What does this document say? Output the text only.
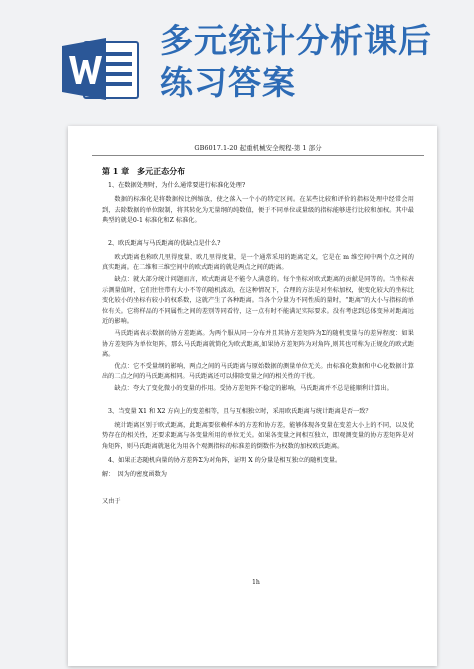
多元统计分析课后
练习答案
GB6017.1-20 起重机械安全规程-第 1 部分
第 1 章　多元正态分布
1、在数据处理时，为什么通常要进行标准化处理?
数据的标准化是将数据按比例缩放，使之落入一个小的特定区间。在某些比较和评价的指标处理中经常会用到，去除数据的单位限制，将其转化为无量纲的纯数值，便于不同单位或量级的指标能够进行比较和加权。其中最典型的就是0-1 标准化和Z 标准化。
2、欧氏距离与马氏距离的优缺点是什么?
欧式距离也称欧几里得度量、欧几里得度量，是一个通常采用的距离定义，它是在 m 维空间中两个点之间的真实距离。在二维和三维空间中的欧式距离的就是两点之间的距离。
缺点：就大部分统计问题而言，欧式距离是不能令人满意的。每个坐标对欧式距离的贡献是同等的。当坐标表示测量值时，它们往往带有大小不等的随机波动，在这种情况下，合理的方法是对坐标加权，使变化较大的坐标比变化较小的坐标有较小的权系数，这就产生了各种距离。当各个分量为不同性质的量时，“距离”的大小与指标的单位有关。它将样品的不同属性之间的差别等同看待，这一点有时不能满足实际要求。没有考虑到总体变异对距离远近的影响。
马氏距离表示数据的协方差距离。为两个服从同一分布并且其协方差矩阵为Σ的随机变量与的差异程度：如果协方差矩阵为单位矩阵，那么马氏距离就简化为欧式距离,如果协方差矩阵为对角阵,则其也可称为正规化的欧式距离。
优点：它不受量纲的影响，两点之间的马氏距离与原始数据的测量单位无关。由标准化数据和中心化数据计算出的二点之间的马氏距离相同。马氏距离还可以排除变量之间的相关性的干扰。
缺点：夸大了变化微小的变量的作用。受协方差矩阵不稳定的影响，马氏距离并不总是能顺利计算出。
3、当变量 X1 和 X2 方向上的变差相等，且与互相独立时，采用欧氏距离与统计距离是否一致？
统计距离区别于欧式距离，此距离要依赖样本的方差和协方差，能够体现各变量在变差大小上的不同，以及优势存在的相关性，还要求距离与各变量所用的单位无关。如果各变量之间相互独立，即观测变量的协方差矩阵是对角矩阵，则马氏距离就退化为用各个观测指标的标准差的倒数作为权数的加权欧氏距离。
4、如果正态随机向量的协方差阵Σ为对角阵，证明 X 的分量是相互独立的随机变量。
解：　因为的密度函数为
又由于
1h
